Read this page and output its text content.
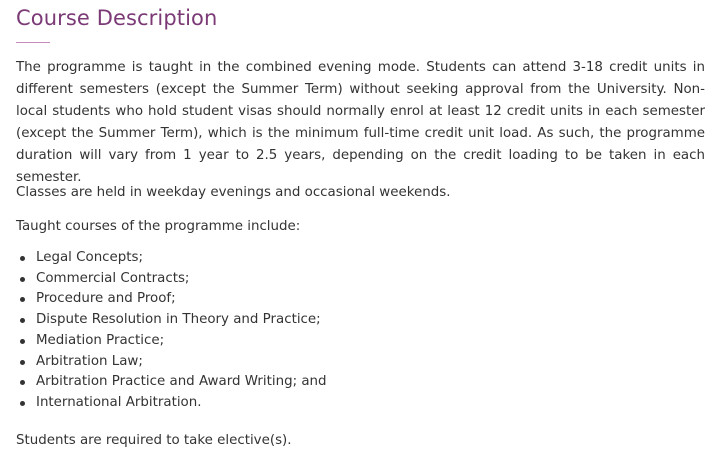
Course Description

The programme is taught in the combined evening mode. Students can attend 3-18 credit units in different semesters (except the Summer Term) without seeking approval from the University. Non-local students who hold student visas should normally enrol at least 12 credit units in each semester (except the Summer Term), which is the minimum full-time credit unit load. As such, the programme duration will vary from 1 year to 2.5 years, depending on the credit loading to be taken in each semester.

Classes are held in weekday evenings and occasional weekends.

Taught courses of the programme include:

Legal Concepts;
Commercial Contracts;
Procedure and Proof;
Dispute Resolution in Theory and Practice;
Mediation Practice;
Arbitration Law;
Arbitration Practice and Award Writing; and
International Arbitration.

Students are required to take elective(s).
